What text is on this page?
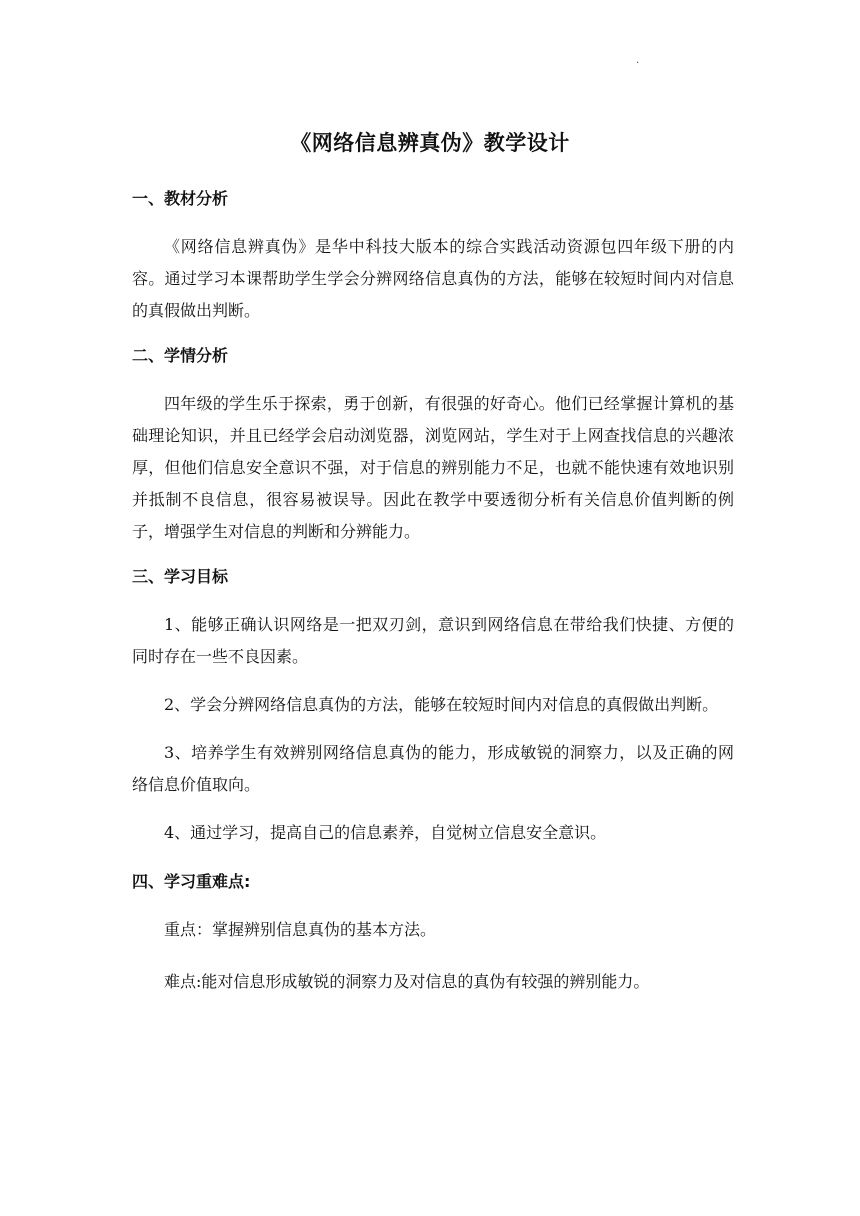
.
《网络信息辨真伪》教学设计
一、教材分析

《网络信息辨真伪》是华中科技大版本的综合实践活动资源包四年级下册的内容。通过学习本课帮助学生学会分辨网络信息真伪的方法，能够在较短时间内对信息的真假做出判断。

二、学情分析

四年级的学生乐于探索，勇于创新，有很强的好奇心。他们已经掌握计算机的基础理论知识，并且已经学会启动浏览器，浏览网站，学生对于上网查找信息的兴趣浓厚，但他们信息安全意识不强，对于信息的辨别能力不足，也就不能快速有效地识别并抵制不良信息，很容易被误导。因此在教学中要透彻分析有关信息价值判断的例子，增强学生对信息的判断和分辨能力。

三、学习目标

1、能够正确认识网络是一把双刃剑，意识到网络信息在带给我们快捷、方便的同时存在一些不良因素。

2、学会分辨网络信息真伪的方法，能够在较短时间内对信息的真假做出判断。

3、培养学生有效辨别网络信息真伪的能力，形成敏锐的洞察力，以及正确的网络信息价值取向。

4、通过学习，提高自己的信息素养，自觉树立信息安全意识。

四、学习重难点:

重点：掌握辨别信息真伪的基本方法。

难点:能对信息形成敏锐的洞察力及对信息的真伪有较强的辨别能力。
